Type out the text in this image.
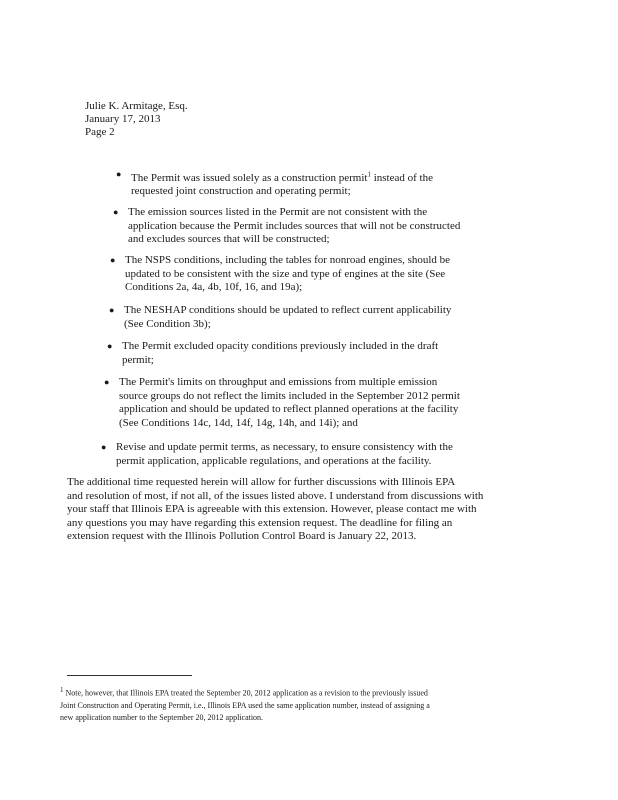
Julie K. Armitage, Esq.
January 17, 2013
Page 2
● The Permit was issued solely as a construction permit$^1$ instead of the
requested joint construction and operating permit;
● The emission sources listed in the Permit are not consistent with the
application because the Permit includes sources that will not be constructed
and excludes sources that will be constructed;
● The NSPS conditions, including the tables for nonroad engines, should be
updated to be consistent with the size and type of engines at the site (See
Conditions 2a, 4a, 4b, 10f, 16, and 19a);
● The NESHAP conditions should be updated to reflect current applicability
(See Condition 3b);
● The Permit excluded opacity conditions previously included in the draft
permit;
● The Permit's limits on throughput and emissions from multiple emission
source groups do not reflect the limits included in the September 2012 permit
application and should be updated to reflect planned operations at the facility
(See Conditions 14c, 14d, 14f, 14g, 14h, and 14i); and
● Revise and update permit terms, as necessary, to ensure consistency with the
permit application, applicable regulations, and operations at the facility.
The additional time requested herein will allow for further discussions with Illinois EPA
and resolution of most, if not all, of the issues listed above. I understand from discussions with
your staff that Illinois EPA is agreeable with this extension. However, please contact me with
any questions you may have regarding this extension request. The deadline for filing an
extension request with the Illinois Pollution Control Board is January 22, 2013.
$^1$ Note, however, that Illinois EPA treated the September 20, 2012 application as a revision to the previously issued
Joint Construction and Operating Permit, i.e., Illinois EPA used the same application number, instead of assigning a
new application number to the September 20, 2012 application.
